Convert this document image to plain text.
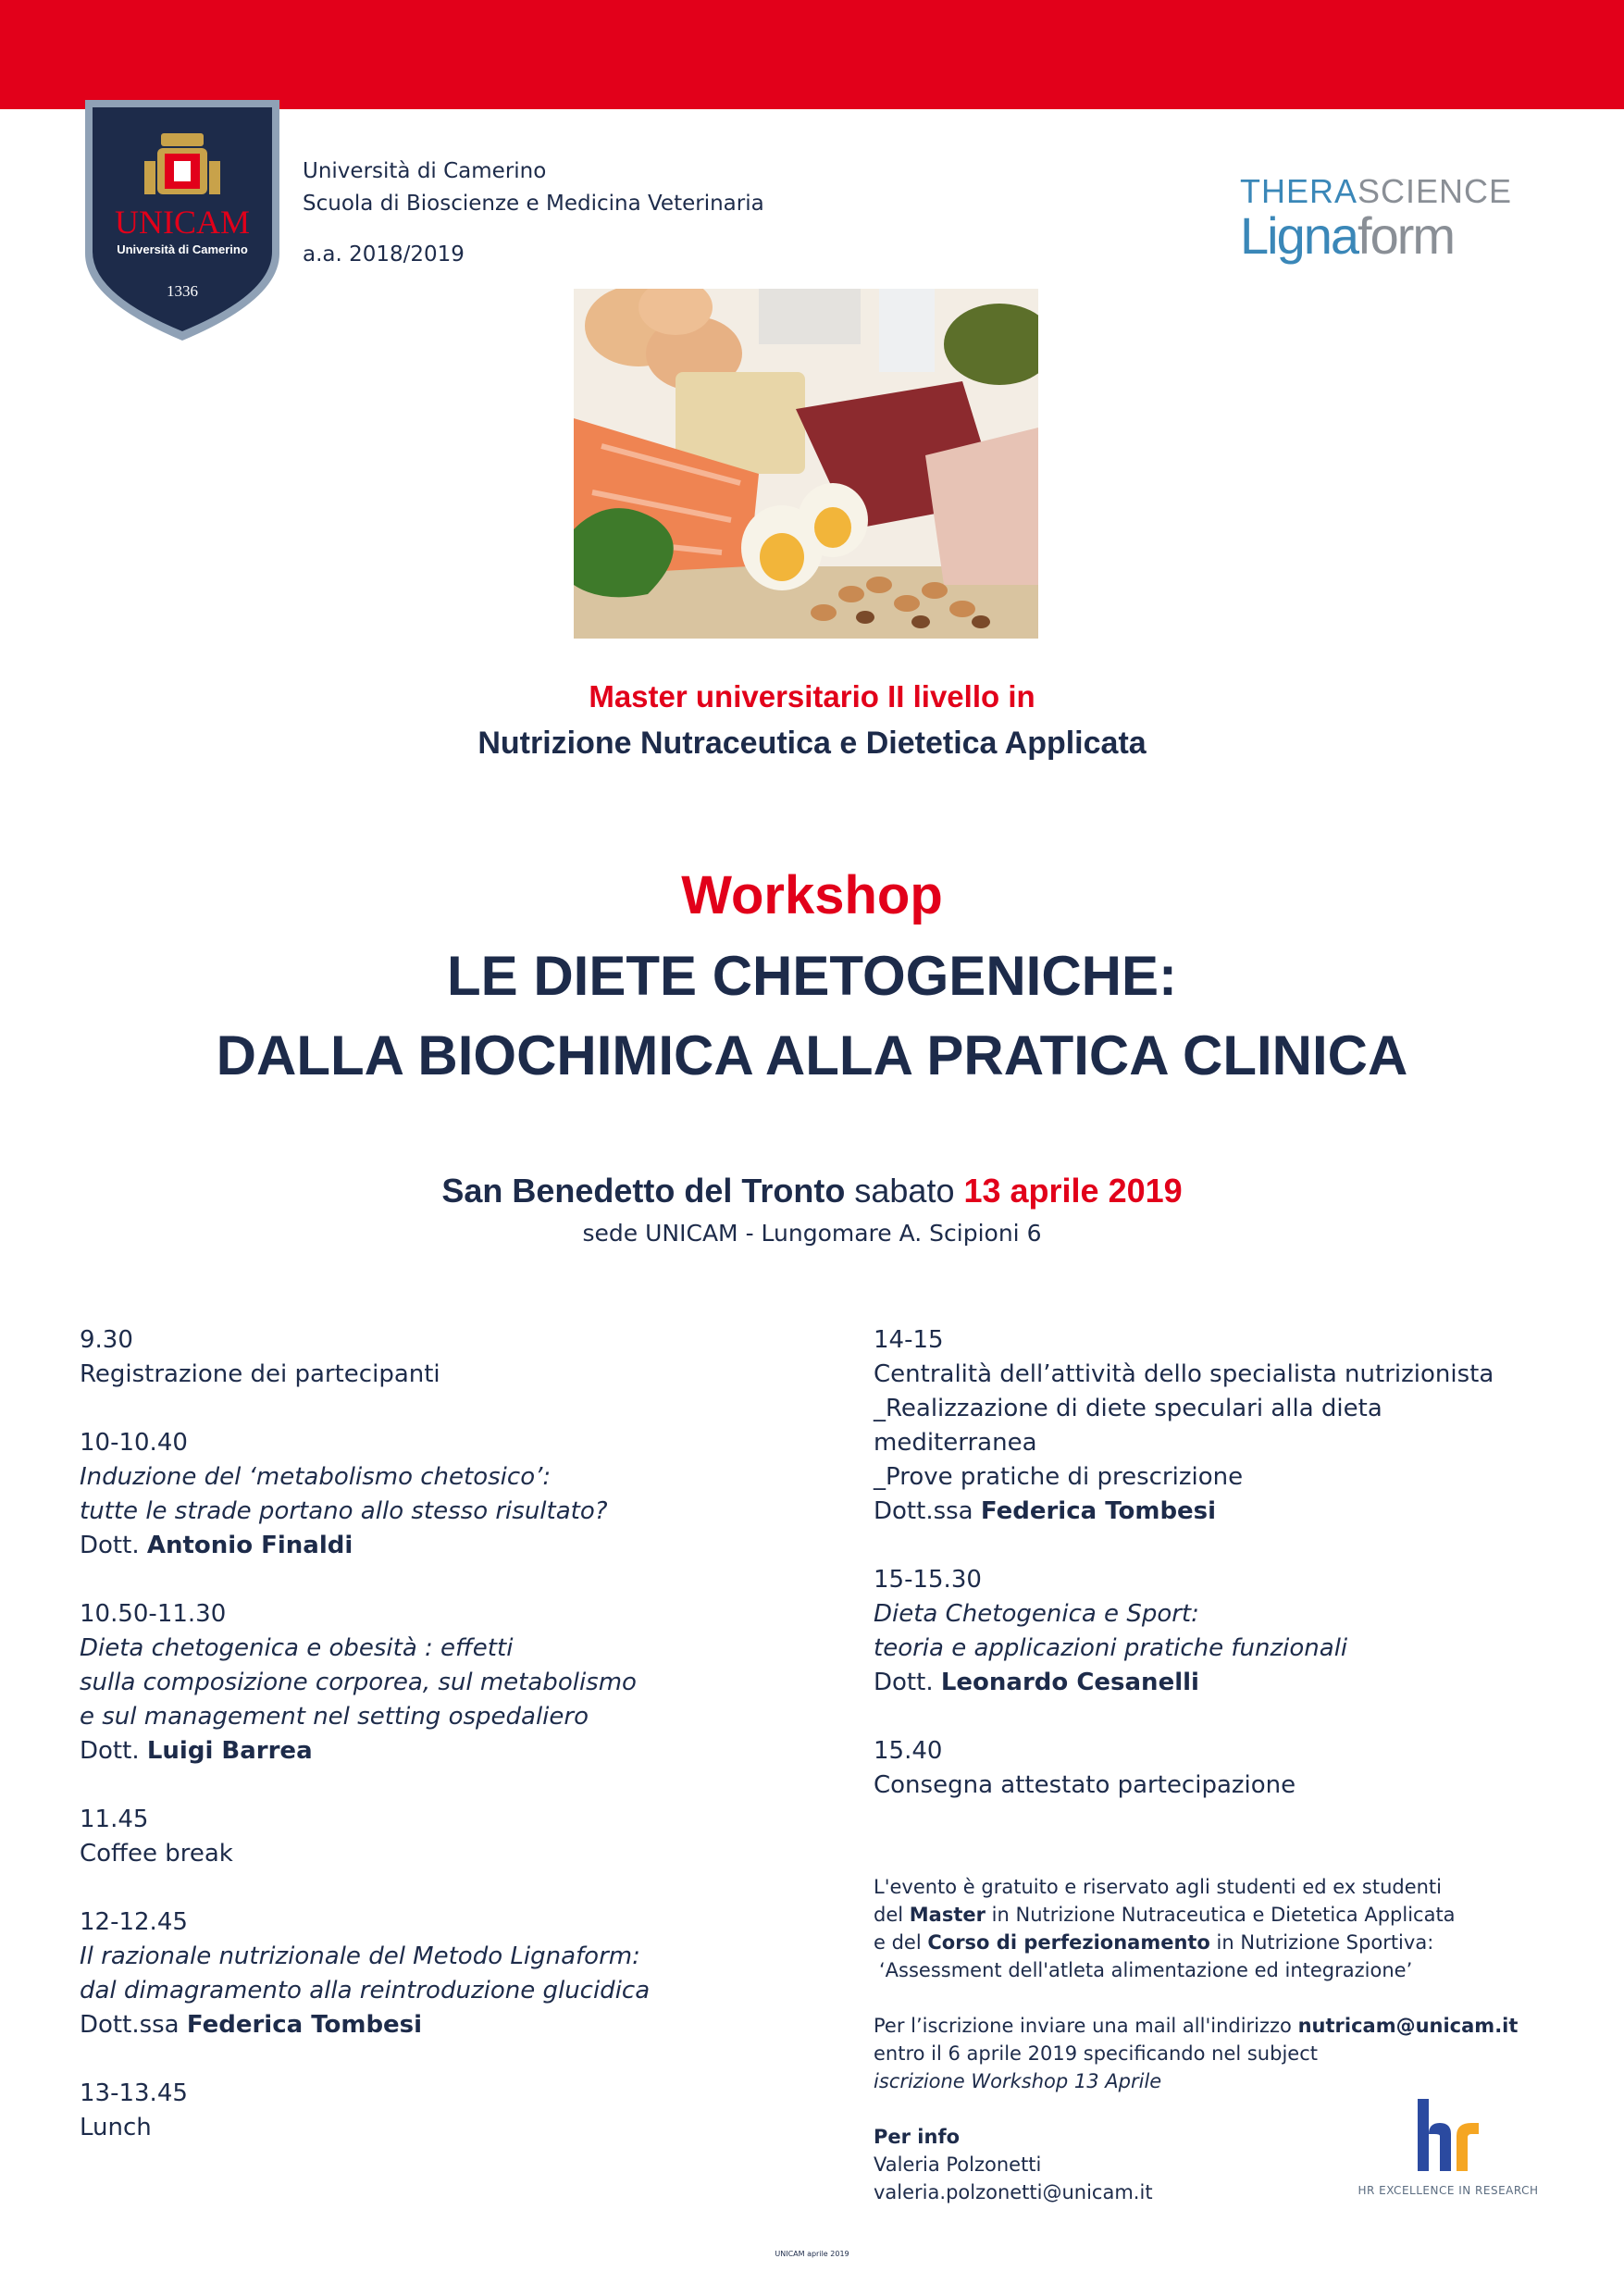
UNICAM
Università di Camerino
1336
Università di Camerino
Scuola di Bioscienze e Medicina Veterinaria
a.a. 2018/2019
THERASCIENCE
Lignaform
Master universitario II livello in
Nutrizione Nutraceutica e Dietetica Applicata
Workshop
LE DIETE CHETOGENICHE:
DALLA BIOCHIMICA ALLA PRATICA CLINICA
San Benedetto del Tronto sabato 13 aprile 2019
sede UNICAM - Lungomare A. Scipioni 6
9.30
Registrazione dei partecipanti
10-10.40
Induzione del ‘metabolismo chetosico’:
tutte le strade portano allo stesso risultato?
Dott. Antonio Finaldi
10.50-11.30
Dieta chetogenica e obesità : effetti
sulla composizione corporea, sul metabolismo
e sul management nel setting ospedaliero
Dott. Luigi Barrea
11.45
Coffee break
12-12.45
Il razionale nutrizionale del Metodo Lignaform:
dal dimagramento alla reintroduzione glucidica
Dott.ssa Federica Tombesi
13-13.45
Lunch
14-15
Centralità dell’attività dello specialista nutrizionista
_Realizzazione di diete speculari alla dieta
mediterranea
_Prove pratiche di prescrizione
Dott.ssa Federica Tombesi
15-15.30
Dieta Chetogenica e Sport:
teoria e applicazioni pratiche funzionali
Dott. Leonardo Cesanelli
15.40
Consegna attestato partecipazione

L'evento è gratuito e riservato agli studenti ed ex studenti
del Master in Nutrizione Nutraceutica e Dietetica Applicata
e del Corso di perfezionamento in Nutrizione Sportiva:
‘Assessment dell'atleta alimentazione ed integrazione’

Per l’iscrizione inviare una mail all'indirizzo nutricam@unicam.it
entro il 6 aprile 2019 specificando nel subject
iscrizione Workshop 13 Aprile

Per info
Valeria Polzonetti
valeria.polzonetti@unicam.it	HR EXCELLENCE IN RESEARCH
UNICAM aprile 2019
